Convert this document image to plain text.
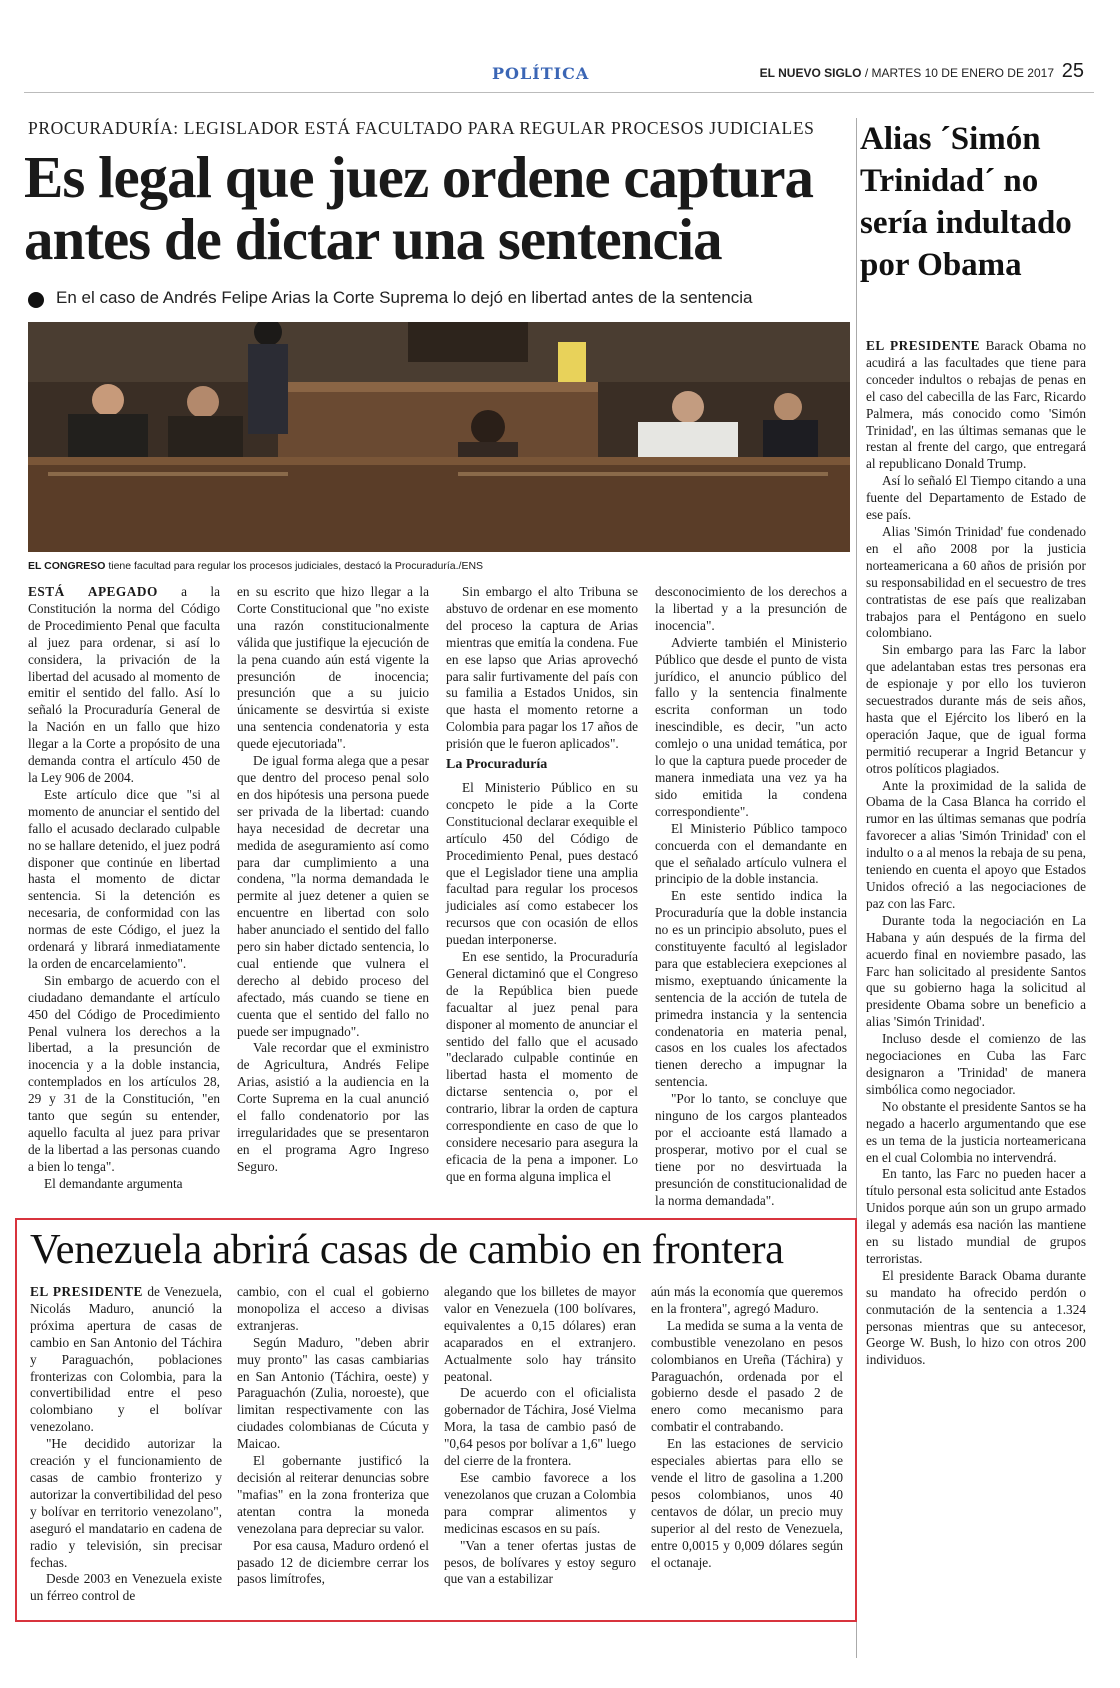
POLÍTICA	EL NUEVO SIGLO / MARTES 10 DE ENERO DE 2017 25
PROCURADURÍA: LEGISLADOR ESTÁ FACULTADO PARA REGULAR PROCESOS JUDICIALES
Es legal que juez ordene captura antes de dictar una sentencia
En el caso de Andrés Felipe Arias la Corte Suprema lo dejó en libertad antes de la sentencia
EL CONGRESO tiene facultad para regular los procesos judiciales, destacó la Procuraduría./ENS

ESTÁ APEGADO a la Constitución la norma del Código de Procedimiento Penal que faculta al juez para ordenar, si así lo considera, la privación de la libertad del acusado al momento de emitir el sentido del fallo. Así lo señaló la Procuraduría General de la Nación en un fallo que hizo llegar a la Corte a propósito de una demanda contra el artículo 450 de la Ley 906 de 2004.

Este artículo dice que "si al momento de anunciar el sentido del fallo el acusado declarado culpable no se hallare detenido, el juez podrá disponer que continúe en libertad hasta el momento de dictar sentencia. Si la detención es necesaria, de conformidad con las normas de este Código, el juez la ordenará y librará inmediatamente la orden de encarcelamiento".

Sin embargo de acuerdo con el ciudadano demandante el artículo 450 del Código de Procedimiento Penal vulnera los derechos a la libertad, a la presunción de inocencia y a la doble instancia, contemplados en los artículos 28, 29 y 31 de la Constitución, "en tanto que según su entender, aquello faculta al juez para privar de la libertad a las personas cuando a bien lo tenga".

El demandante argumenta

en su escrito que hizo llegar a la Corte Constitucional que "no existe una razón constitucionalmente válida que justifique la ejecución de la pena cuando aún está vigente la presunción de inocencia; presunción que a su juicio únicamente se desvirtúa si existe una sentencia condenatoria y esta quede ejecutoriada".

De igual forma alega que a pesar que dentro del proceso penal solo en dos hipótesis una persona puede ser privada de la libertad: cuando haya necesidad de decretar una medida de aseguramiento así como para dar cumplimiento a una condena, "la norma demandada le permite al juez detener a quien se encuentre en libertad con solo haber anunciado el sentido del fallo pero sin haber dictado sentencia, lo cual entiende que vulnera el derecho al debido proceso del afectado, más cuando se tiene en cuenta que el sentido del fallo no puede ser impugnado".

Vale recordar que el exministro de Agricultura, Andrés Felipe Arias, asistió a la audiencia en la Corte Suprema en la cual anunció el fallo condenatorio por las irregularidades que se presentaron en el programa Agro Ingreso Seguro.

Sin embargo el alto Tribuna se abstuvo de ordenar en ese momento del proceso la captura de Arias mientras que emitía la condena. Fue en ese lapso que Arias aprovechó para salir furtivamente del país con su familia a Estados Unidos, sin que hasta el momento retorne a Colombia para pagar los 17 años de prisión que le fueron aplicados".

La Procuraduría

El Ministerio Público en su concpeto le pide a la Corte Constitucional declarar exequible el artículo 450 del Código de Procedimiento Penal, pues destacó que el Legislador tiene una amplia facultad para regular los procesos judiciales así como estabecer los recursos que con ocasión de ellos puedan interponerse.

En ese sentido, la Procuraduría General dictaminó que el Congreso de la República bien puede facualtar al juez penal para disponer al momento de anunciar el sentido del fallo que el acusado "declarado culpable continúe en libertad hasta el momento de dictarse sentencia o, por el contrario, librar la orden de captura correspondiente en caso de que lo considere necesario para asegura la eficacia de la pena a imponer. Lo que en forma alguna implica el

desconocimiento de los derechos a la libertad y a la presunción de inocencia".

Advierte también el Ministerio Público que desde el punto de vista jurídico, el anuncio público del fallo y la sentencia finalmente escrita conforman un todo inescindible, es decir, "un acto comlejo o una unidad temática, por lo que la captura puede proceder de manera inmediata una vez ya ha sido emitida la condena correspondiente".

El Ministerio Público tampoco concuerda con el demandante en que el señalado artículo vulnera el principio de la doble instancia.

En este sentido indica la Procuraduría que la doble instancia no es un principio absoluto, pues el constituyente facultó al legislador para que estableciera exepciones al mismo, exeptuando únicamente la sentencia de la acción de tutela de primedra instancia y la sentencia condenatoria en materia penal, casos en los cuales los afectados tienen derecho a impugnar la sentencia.

"Por lo tanto, se concluye que ninguno de los cargos planteados por el accioante está llamado a prosperar, motivo por el cual se tiene por no desvirtuada la presunción de constitucionalidad de la norma demandada".

Alias ´Simón Trinidad´ no sería indultado por Obama

EL PRESIDENTE Barack Obama no acudirá a las facultades que tiene para conceder indultos o rebajas de penas en el caso del cabecilla de las Farc, Ricardo Palmera, más conocido como 'Simón Trinidad', en las últimas semanas que le restan al frente del cargo, que entregará al republicano Donald Trump.

Así lo señaló El Tiempo citando a una fuente del Departamento de Estado de ese país.

Alias 'Simón Trinidad' fue condenado en el año 2008 por la justicia norteamericana a 60 años de prisión por su responsabilidad en el secuestro de tres contratistas de ese país que realizaban trabajos para el Pentágono en suelo colombiano.

Sin embargo para las Farc la labor que adelantaban estas tres personas era de espionaje y por ello los tuvieron secuestrados durante más de seis años, hasta que el Ejército los liberó en la operación Jaque, que de igual forma permitió recuperar a Ingrid Betancur y otros políticos plagiados.

Ante la proximidad de la salida de Obama de la Casa Blanca ha corrido el rumor en las últimas semanas que podría favorecer a alias 'Simón Trinidad' con el indulto o a al menos la rebaja de su pena, teniendo en cuenta el apoyo que Estados Unidos ofreció a las negociaciones de paz con las Farc.

Durante toda la negociación en La Habana y aún después de la firma del acuerdo final en noviembre pasado, las Farc han solicitado al presidente Santos que su gobierno haga la solicitud al presidente Obama sobre un beneficio a alias 'Simón Trinidad'.

Incluso desde el comienzo de las negociaciones en Cuba las Farc designaron a 'Trinidad' de manera simbólica como negociador.

No obstante el presidente Santos se ha negado a hacerlo argumentando que ese es un tema de la justicia norteamericana en el cual Colombia no intervendrá.

En tanto, las Farc no pueden hacer a título personal esta solicitud ante Estados Unidos porque aún son un grupo armado ilegal y además esa nación las mantiene en su listado mundial de grupos terroristas.

El presidente Barack Obama durante su mandato ha ofrecido perdón o conmutación de la sentencia a 1.324 personas mientras que su antecesor, George W. Bush, lo hizo con otros 200 individuos.

Venezuela abrirá casas de cambio en frontera

EL PRESIDENTE de Venezuela, Nicolás Maduro, anunció la próxima apertura de casas de cambio en San Antonio del Táchira y Paraguachón, poblaciones fronterizas con Colombia, para la convertibilidad entre el peso colombiano y el bolívar venezolano.

"He decidido autorizar la creación y el funcionamiento de casas de cambio fronterizo y autorizar la convertibilidad del peso y bolívar en territorio venezolano", aseguró el mandatario en cadena de radio y televisión, sin precisar fechas.

Desde 2003 en Venezuela existe un férreo control de

cambio, con el cual el gobierno monopoliza el acceso a divisas extranjeras.

Según Maduro, "deben abrir muy pronto" las casas cambiarias en San Antonio (Táchira, oeste) y Paraguachón (Zulia, noroeste), que limitan respectivamente con las ciudades colombianas de Cúcuta y Maicao.

El gobernante justificó la decisión al reiterar denuncias sobre "mafias" en la zona fronteriza que atentan contra la moneda venezolana para depreciar su valor.

Por esa causa, Maduro ordenó el pasado 12 de diciembre cerrar los pasos limítrofes,

alegando que los billetes de mayor valor en Venezuela (100 bolívares, equivalentes a 0,15 dólares) eran acaparados en el extranjero. Actualmente solo hay tránsito peatonal.

De acuerdo con el oficialista gobernador de Táchira, José Vielma Mora, la tasa de cambio pasó de "0,64 pesos por bolívar a 1,6" luego del cierre de la frontera.

Ese cambio favorece a los venezolanos que cruzan a Colombia para comprar alimentos y medicinas escasos en su país.

"Van a tener ofertas justas de pesos, de bolívares y estoy seguro que van a estabilizar

aún más la economía que queremos en la frontera", agregó Maduro.

La medida se suma a la venta de combustible venezolano en pesos colombianos en Ureña (Táchira) y Paraguachón, ordenada por el gobierno desde el pasado 2 de enero como mecanismo para combatir el contrabando.

En las estaciones de servicio especiales abiertas para ello se vende el litro de gasolina a 1.200 pesos colombianos, unos 40 centavos de dólar, un precio muy superior al del resto de Venezuela, entre 0,0015 y 0,009 dólares según el octanaje.
